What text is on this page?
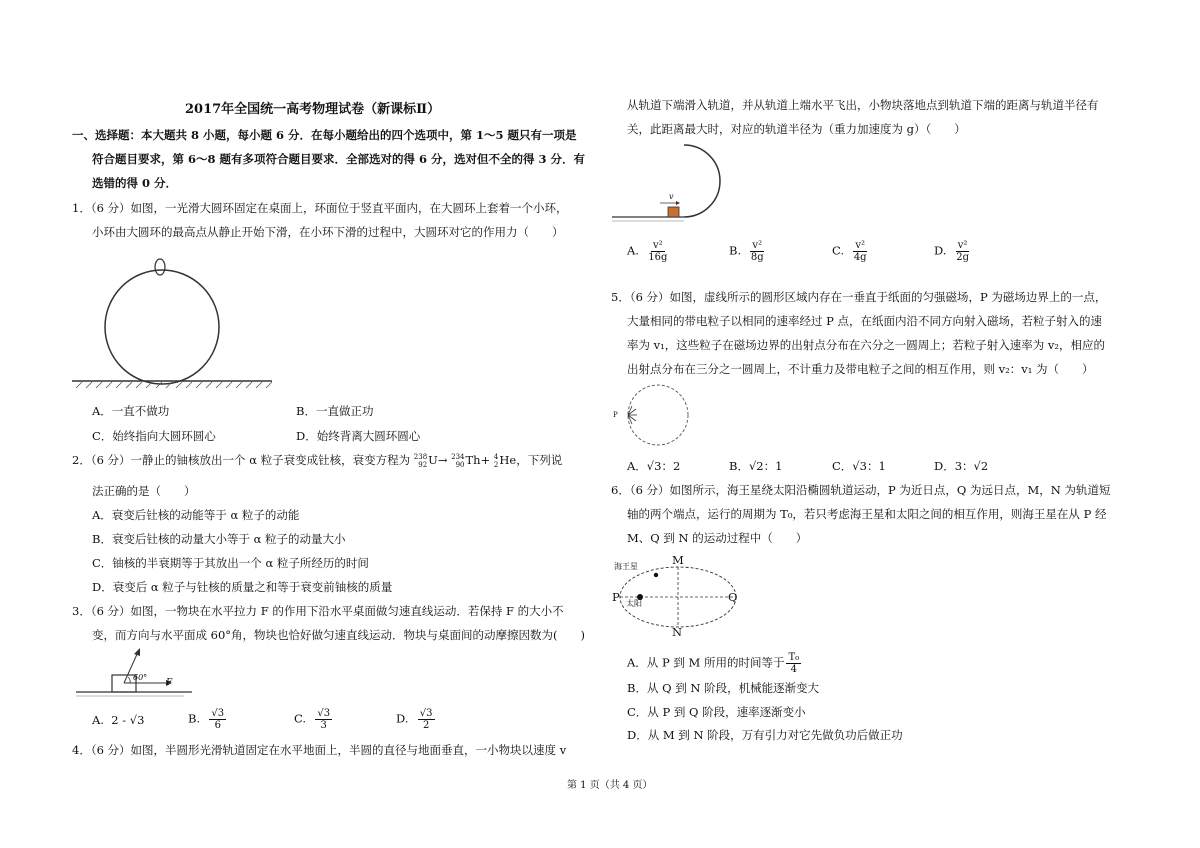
2017年全国统一高考物理试卷（新课标Ⅱ）
一、选择题：本大题共 8 小题，每小题 6 分．在每小题给出的四个选项中，第 1～5 题只有一项是
符合题目要求，第 6～8 题有多项符合题目要求．全部选对的得 6 分，选对但不全的得 3 分．有
选错的得 0 分．
1．（6 分）如图，一光滑大圆环固定在桌面上，环面位于竖直平面内，在大圆环上套着一个小环，
小环由大圆环的最高点从静止开始下滑，在小环下滑的过程中，大圆环对它的作用力（　　）
A．一直不做功	B．一直做正功
C．始终指向大圆环圆心	D．始终背离大圆环圆心
2．（6 分）一静止的铀核放出一个 α 粒子衰变成钍核，衰变方程为 238
92 U→ 234
90 Th+ 4
2 He，下列说
法正确的是（　　）
A．衰变后钍核的动能等于 α 粒子的动能
B．衰变后钍核的动量大小等于 α 粒子的动量大小
C．铀核的半衰期等于其放出一个 α 粒子所经历的时间
D．衰变后 α 粒子与钍核的质量之和等于衰变前铀核的质量
3．（6 分）如图，一物块在水平拉力 F 的作用下沿水平桌面做匀速直线运动．若保持 F 的大小不
变，而方向与水平面成 60°角，物块也恰好做匀速直线运动．物块与桌面间的动摩擦因数为(　　)
60°
F
A. 2 - √3	B. $\frac{√3}{6}$	C. $\frac{√3}{3}$	D. $\frac{√3}{2}$
4．（6 分）如图，半圆形光滑轨道固定在水平地面上，半圆的直径与地面垂直，一小物块以速度 v
从轨道下端滑入轨道，并从轨道上端水平飞出，小物块落地点到轨道下端的距离与轨道半径有
关，此距离最大时，对应的轨道半径为（重力加速度为 g）（　　）
v
A. $\frac{\text{v²}}{16g}$	B. $\frac{\text{v²}}{8g}$	C. $\frac{\text{v²}}{4g}$	D. $\frac{\text{v²}}{2g}$
5．（6 分）如图，虚线所示的圆形区域内存在一垂直于纸面的匀强磁场，P 为磁场边界上的一点，
大量相同的带电粒子以相同的速率经过 P 点，在纸面内沿不同方向射入磁场，若粒子射入的速
率为 v₁，这些粒子在磁场边界的出射点分布在六分之一圆周上；若粒子射入速率为 v₂，相应的
出射点分布在三分之一圆周上，不计重力及带电粒子之间的相互作用，则 v₂：v₁ 为（　　）
P
A．√3：2	B．√2：1	C．√3：1	D．3：√2
6．（6 分）如图所示，海王星绕太阳沿椭圆轨道运动，P 为近日点，Q 为远日点，M，N 为轨道短
轴的两个端点，运行的周期为 T₀，若只考虑海王星和太阳之间的相互作用，则海王星在从 P 经
M、Q 到 N 的运动过程中（　　）
海王星
太阳
M
N
P	Q
A．从 P 到 M 所用的时间等于 $\frac{\text{T₀}}{4}$
B．从 Q 到 N 阶段，机械能逐渐变大
C．从 P 到 Q 阶段，速率逐渐变小
D．从 M 到 N 阶段，万有引力对它先做负功后做正功
第 1 页（共 4 页）
